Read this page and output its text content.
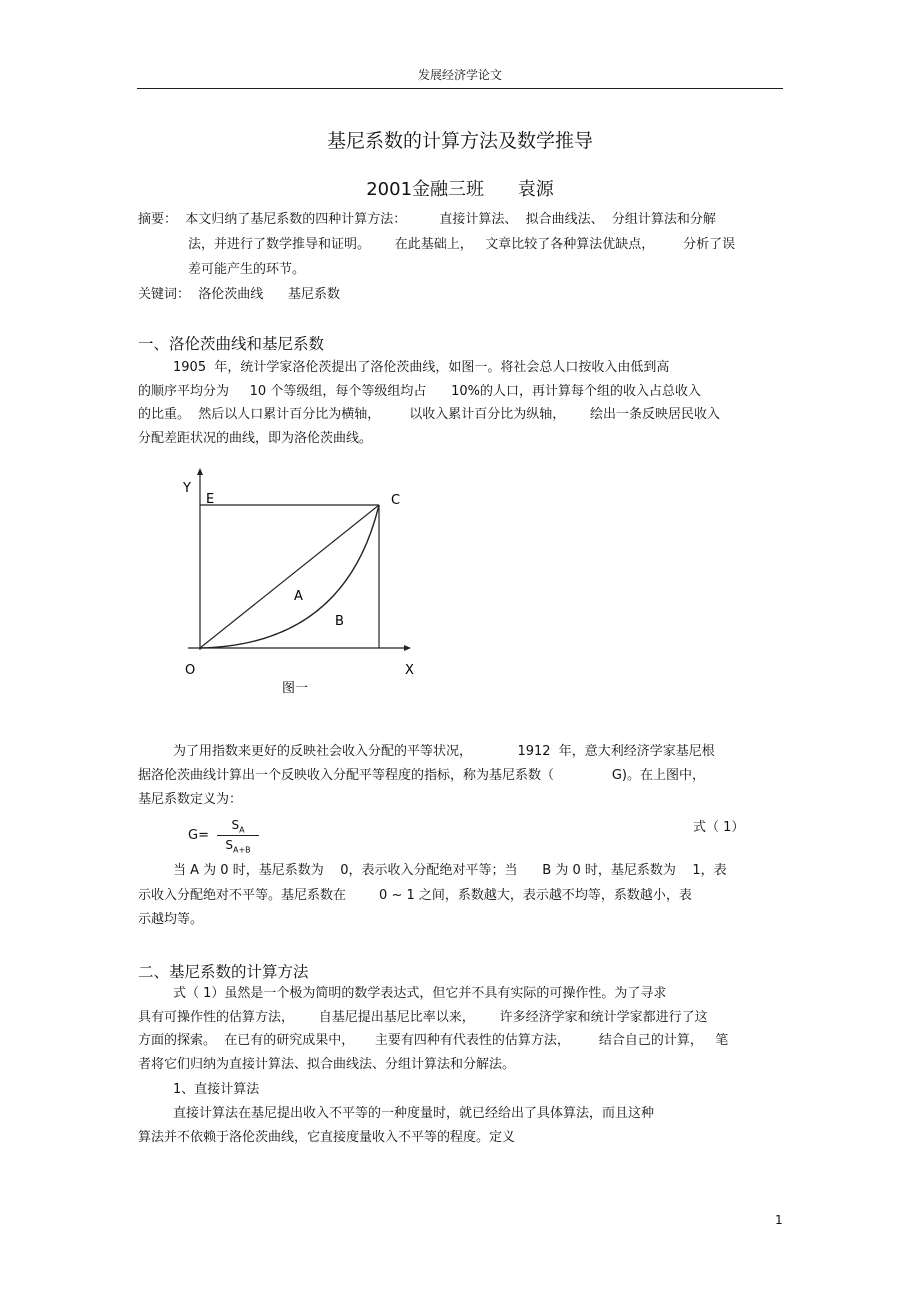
发展经济学论文
基尼系数的计算方法及数学推导
2001金融三班 袁源
摘要：  本文归纳了基尼系数的四种计算方法：        直接计算法、  拟合曲线法、  分组计算法和分解
法，并进行了数学推导和证明。      在此基础上，   文章比较了各种算法优缺点，       分析了误
差可能产生的环节。
关键词：  洛伦茨曲线      基尼系数
一、洛伦茨曲线和基尼系数
1905  年，统计学家洛伦茨提出了洛伦茨曲线，如图一。将社会总人口按收入由低到高
的顺序平均分为     10 个等级组，每个等级组均占      10%的人口，再计算每个组的收入占总收入
的比重。  然后以人口累计百分比为横轴，       以收入累计百分比为纵轴，      绘出一条反映居民收入
分配差距状况的曲线，即为洛伦茨曲线。
Y
E	C
A
B
O	X
图一
为了用指数来更好的反映社会收入分配的平等状况，           1912  年，意大利经济学家基尼根
据洛伦茨曲线计算出一个反映收入分配平等程度的指标，称为基尼系数（              G)。在上图中，
基尼系数定义为：
$G= \frac{S_A}{S_{A+B}}$	式（ 1）
当 A 为 0 时，基尼系数为    0，表示收入分配绝对平等；当      B 为 0 时，基尼系数为    1，表
示收入分配绝对不平等。基尼系数在        0 ~ 1 之间，系数越大，表示越不均等，系数越小，表
示越均等。
二、基尼系数的计算方法
式（ 1）虽然是一个极为简明的数学表达式，但它并不具有实际的可操作性。为了寻求
具有可操作性的估算方法，      自基尼提出基尼比率以来，      许多经济学家和统计学家都进行了这
方面的探索。  在已有的研究成果中，     主要有四种有代表性的估算方法，       结合自己的计算，   笔
者将它们归纳为直接计算法、拟合曲线法、分组计算法和分解法。
1、直接计算法
直接计算法在基尼提出收入不平等的一种度量时，就已经给出了具体算法，而且这种
算法并不依赖于洛伦茨曲线，它直接度量收入不平等的程度。定义
1
